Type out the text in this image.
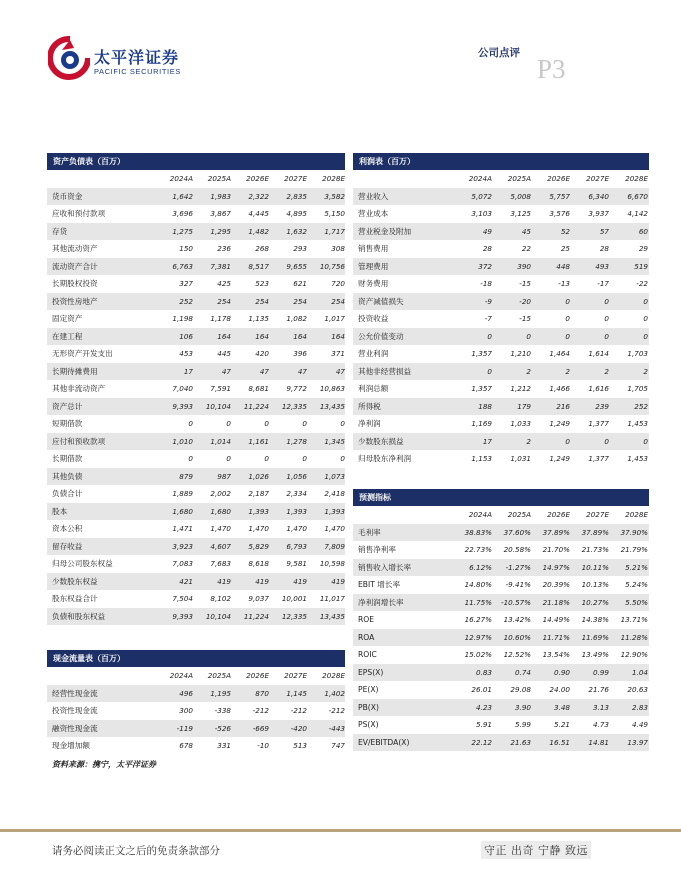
太平洋证券
PACIFIC SECURITIES
公司点评
P3
资产负债表（百万）
2024A	2025A	2026E	2027E	2028E
货币资金	1,642	1,983	2,322	2,835	3,582
应收和预付款项	3,696	3,867	4,445	4,895	5,150
存货	1,275	1,295	1,482	1,632	1,717
其他流动资产	150	236	268	293	308
流动资产合计	6,763	7,381	8,517	9,655	10,756
长期股权投资	327	425	523	621	720
投资性房地产	252	254	254	254	254
固定资产	1,198	1,178	1,135	1,082	1,017
在建工程	106	164	164	164	164
无形资产开发支出	453	445	420	396	371
长期待摊费用	17	47	47	47	47
其他非流动资产	7,040	7,591	8,681	9,772	10,863
资产总计	9,393	10,104	11,224	12,335	13,435
短期借款	0	0	0	0	0
应付和预收款项	1,010	1,014	1,161	1,278	1,345
长期借款	0	0	0	0	0
其他负债	879	987	1,026	1,056	1,073
负债合计	1,889	2,002	2,187	2,334	2,418
股本	1,680	1,680	1,393	1,393	1,393
资本公积	1,471	1,470	1,470	1,470	1,470
留存收益	3,923	4,607	5,829	6,793	7,809
归母公司股东权益	7,083	7,683	8,618	9,581	10,598
少数股东权益	421	419	419	419	419
股东权益合计	7,504	8,102	9,037	10,001	11,017
负债和股东权益	9,393	10,104	11,224	12,335	13,435
利润表（百万）
2024A	2025A	2026E	2027E	2028E
营业收入	5,072	5,008	5,757	6,340	6,670
营业成本	3,103	3,125	3,576	3,937	4,142
营业税金及附加	49	45	52	57	60
销售费用	28	22	25	28	29
管理费用	372	390	448	493	519
财务费用	-18	-15	-13	-17	-22
资产减值损失	-9	-20	0	0	0
投资收益	-7	-15	0	0	0
公允价值变动	0	0	0	0	0
营业利润	1,357	1,210	1,464	1,614	1,703
其他非经营损益	0	2	2	2	2
利润总额	1,357	1,212	1,466	1,616	1,705
所得税	188	179	216	239	252
净利润	1,169	1,033	1,249	1,377	1,453
少数股东损益	17	2	0	0	0
归母股东净利润	1,153	1,031	1,249	1,377	1,453
预测指标
2024A	2025A	2026E	2027E	2028E
毛利率	38.83%	37.60%	37.89%	37.89%	37.90%
销售净利率	22.73%	20.58%	21.70%	21.73%	21.79%
销售收入增长率	6.12%	-1.27%	14.97%	10.11%	5.21%
EBIT 增长率	14.80%	-9.41%	20.39%	10.13%	5.24%
净利润增长率	11.75%	-10.57%	21.18%	10.27%	5.50%
ROE	16.27%	13.42%	14.49%	14.38%	13.71%
ROA	12.97%	10.60%	11.71%	11.69%	11.28%
ROIC	15.02%	12.52%	13.54%	13.49%	12.90%
EPS(X)	0.83	0.74	0.90	0.99	1.04
PE(X)	26.01	29.08	24.00	21.76	20.63
PB(X)	4.23	3.90	3.48	3.13	2.83
PS(X)	5.91	5.99	5.21	4.73	4.49
EV/EBITDA(X)	22.12	21.63	16.51	14.81	13.97
现金流量表（百万）
2024A	2025A	2026E	2027E	2028E
经营性现金流	496	1,195	870	1,145	1,402
投资性现金流	300	-338	-212	-212	-212
融资性现金流	-119	-526	-669	-420	-443
现金增加额	678	331	-10	513	747
资料来源：携宁，太平洋证券
请务必阅读正文之后的免责条款部分	守正 出奇 宁静 致远
